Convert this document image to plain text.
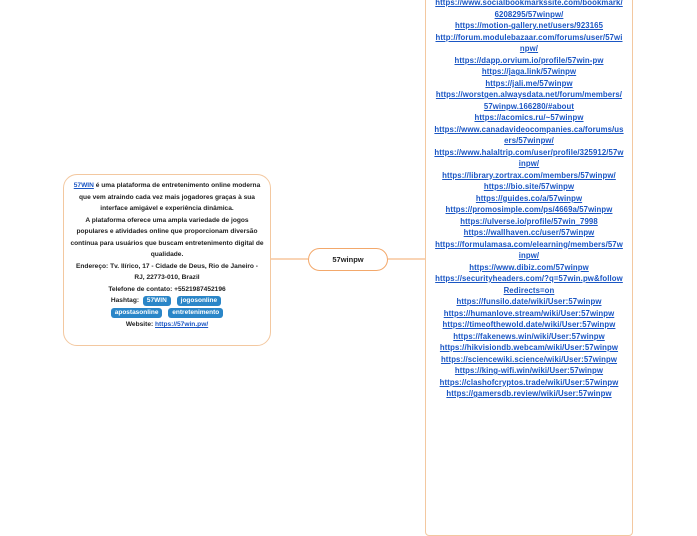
57WIN é uma plataforma de entretenimento online moderna que vem atraindo cada vez mais jogadores graças à sua interface amigável e experiência dinâmica.
A plataforma oferece uma ampla variedade de jogos populares e atividades online que proporcionam diversão contínua para usuários que buscam entretenimento digital de qualidade.
Endereço: Tv. Ilírico, 17 - Cidade de Deus, Rio de Janeiro - RJ, 22773-010, Brazil
Telefone de contato: +552198745219​6
Hashtag: 57WIN jogosonline
apostasonline entretenimento
Website: https://57win.pw/
57winpw
https://www.socialbookmarkssite.com/bookmark/6208295/57winpw/
https://motion-gallery.net/users/923165
http://forum.modulebazaar.com/forums/user/57winpw/
https://dapp.orvium.io/profile/57win-pw
https://jaga.link/57winpw
https://jali.me/57winpw
https://worstgen.alwaysdata.net/forum/members/57winpw.166280/#about
https://acomics.ru/~57winpw
https://www.canadavideocompanies.ca/forums/users/57winpw/
https://www.halaltrip.com/user/profile/325912/57winpw/
https://library.zortrax.com/members/57winpw/
https://bio.site/57winpw
https://guides.co/a/57winpw
https://promosimple.com/ps/4669a/57winpw
https://ulverse.io/profile/57win_7998
https://wallhaven.cc/user/57winpw
https://formulamasa.com/elearning/members/57winpw/
https://www.dibiz.com/57winpw
https://securityheaders.com/?q=57win.pw&followRedirects=on
https://funsilo.date/wiki/User:57winpw
https://humanlove.stream/wiki/User:57winpw
https://timeofthewold.date/wiki/User:57winpw
https://fakenews.win/wiki/User:57winpw
https://hikvisiondb.webcam/wiki/User:57winpw
https://sciencewiki.science/wiki/User:57winpw
https://king-wifi.win/wiki/User:57winpw
https://clashofcryptos.trade/wiki/User:57winpw
https://gamersdb.review/wiki/User:57winpw
